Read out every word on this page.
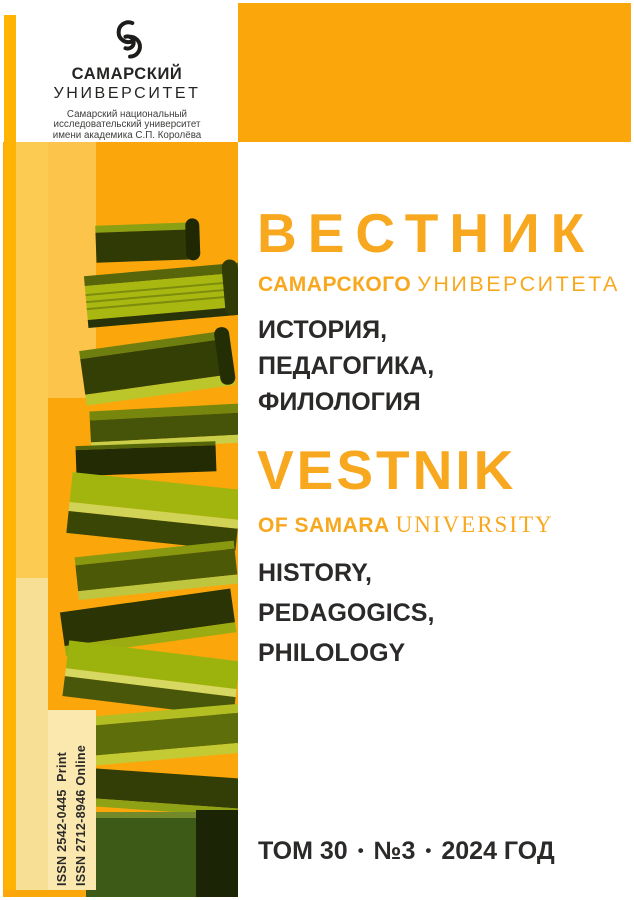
ISSN 2542-0445  Print ISSN 2712-8946 Online
САМАРСКИЙ
УНИВЕРСИТЕТ
Самарский национальный
исследовательский университет
имени академика С.П. Королёва
ВЕСТНИК
САМАРСКОГО УНИВЕРСИТЕТА
ИСТОРИЯ,
ПЕДАГОГИКА,
ФИЛОЛОГИЯ
VESTNIK
OF SAMARA UNIVERSITY
HISTORY,
PEDAGOGICS,
PHILOLOGY
ТОМ 30 • №3 • 2024 ГОД
